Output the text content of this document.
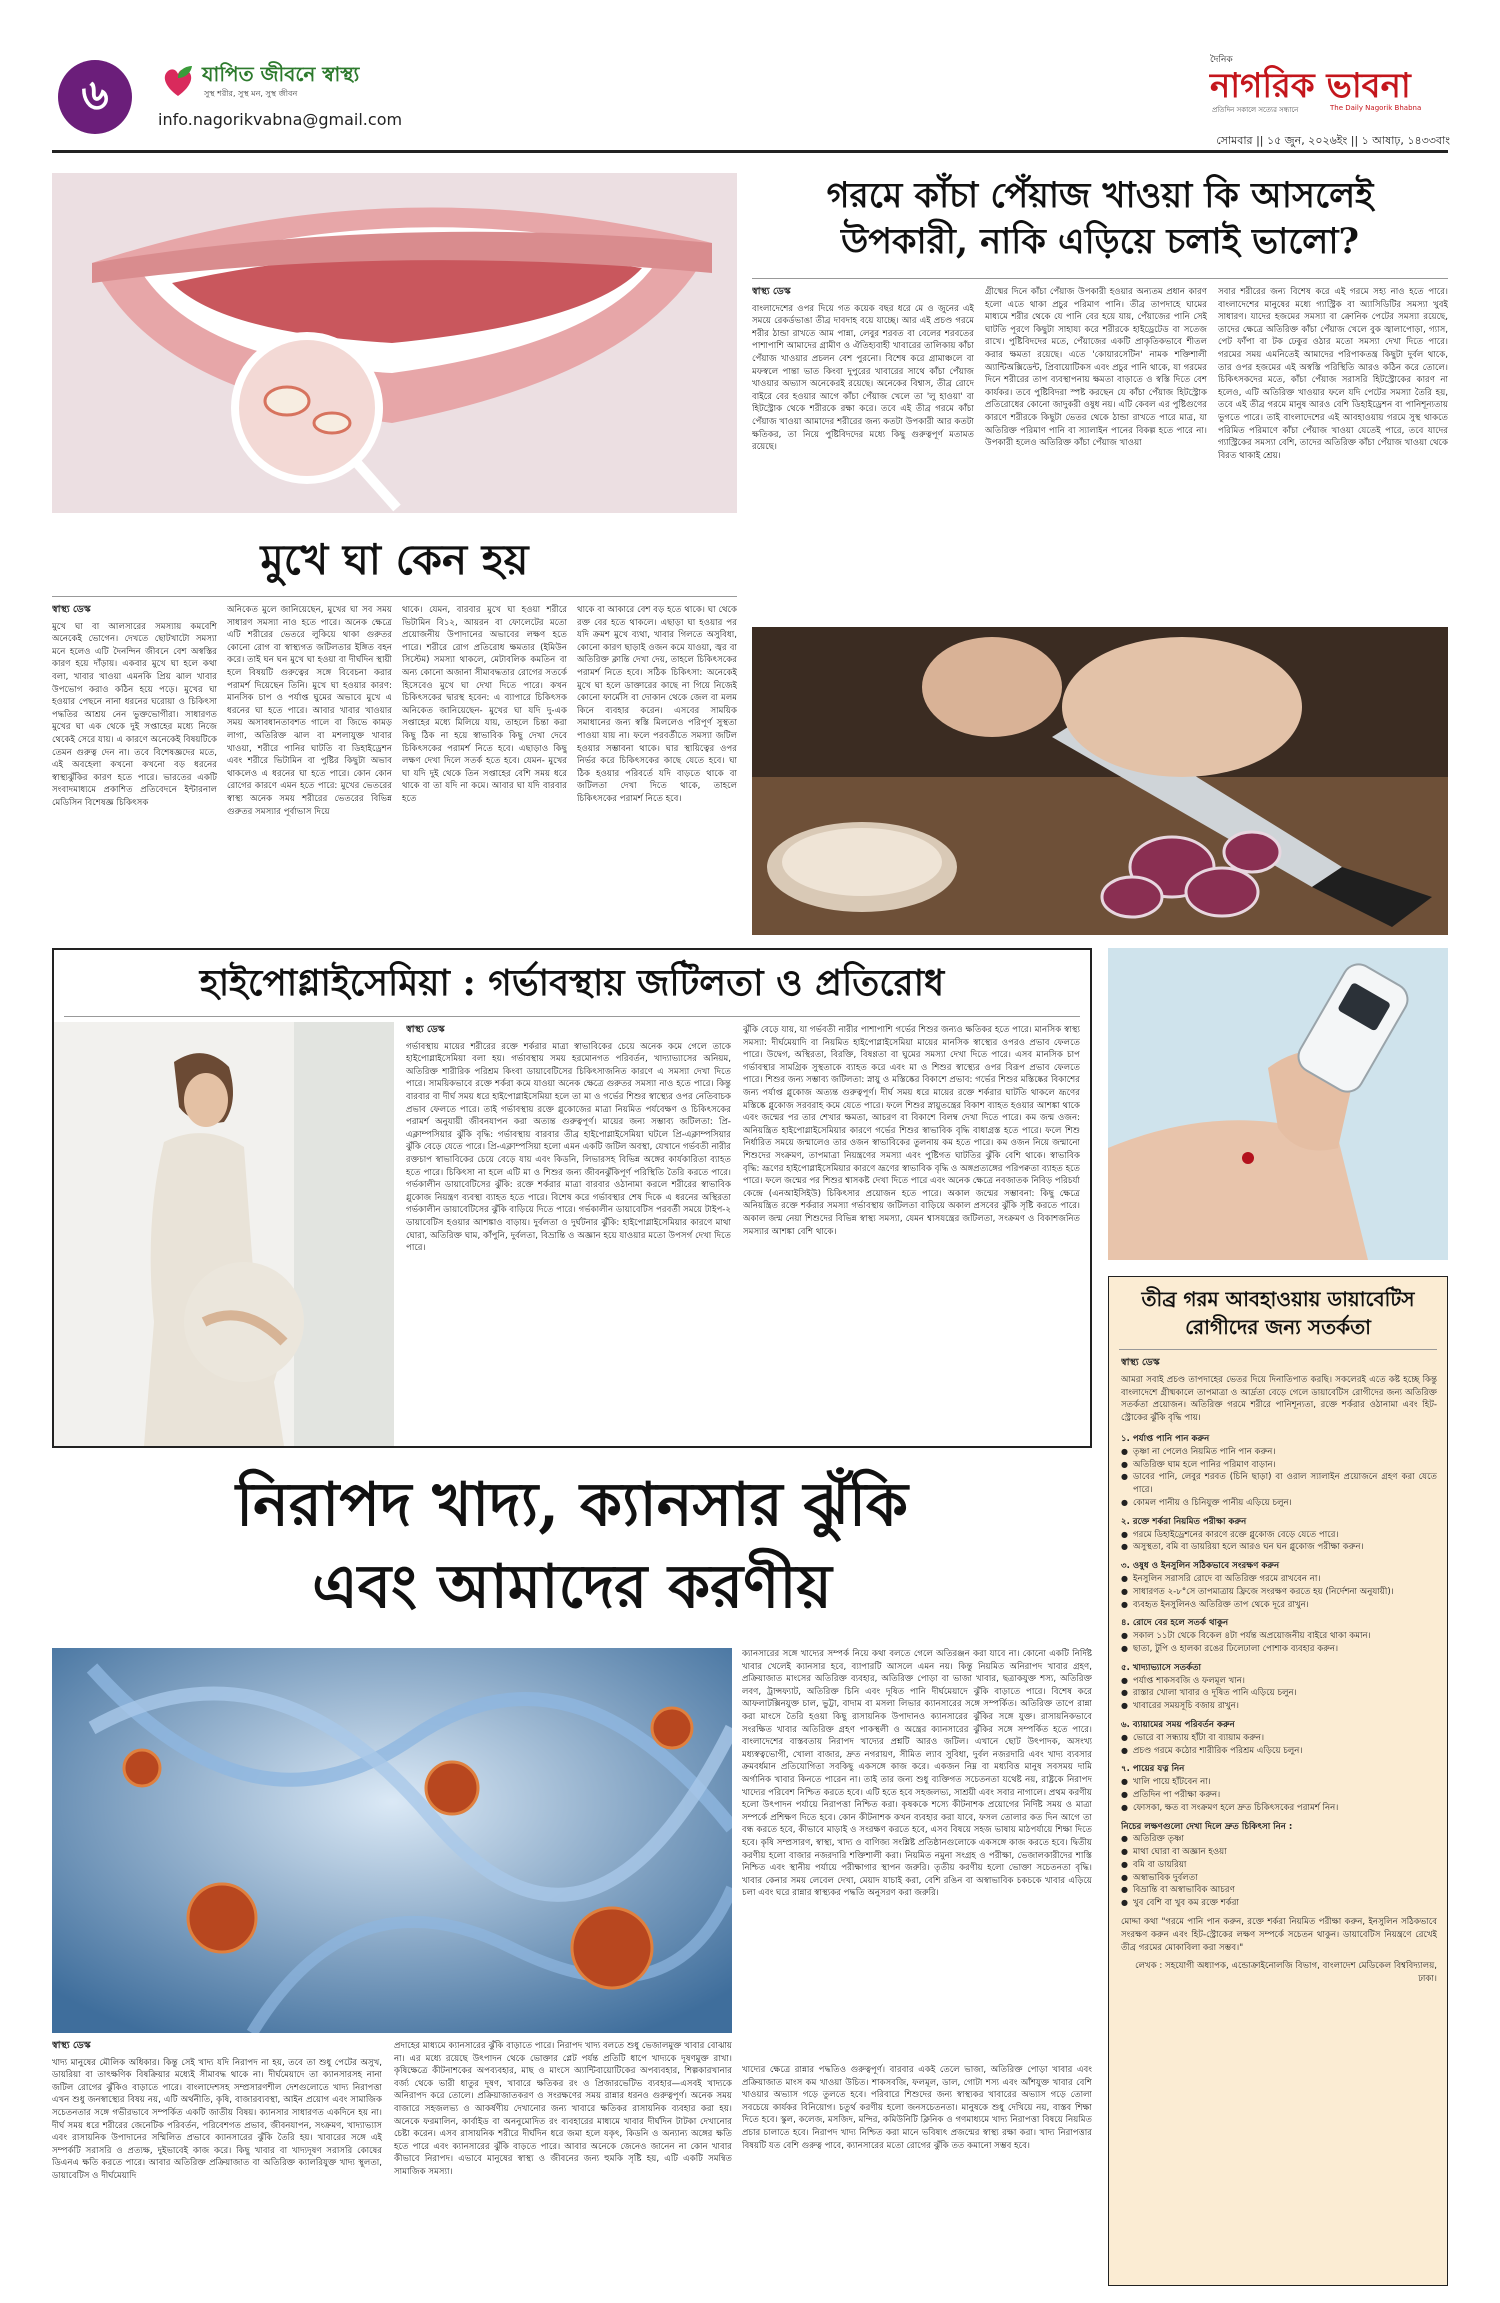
৬	যাপিত জীবনে স্বাস্থ্য
সুস্থ শরীর, সুস্থ মন, সুস্থ জীবন
info.nagorikvabna@gmail.com
দৈনিক
নাগরিক ভাবনা
প্রতিদিন সকালে সত্যের সন্ধানে	The Daily Nagorik Bhabna
সোমবার || ১৫ জুন, ২০২৬ইং || ১ আষাঢ়, ১৪৩৩বাং
গরমে কাঁচা পেঁয়াজ খাওয়া কি আসলেই
উপকারী, নাকি এড়িয়ে চলাই ভালো?
স্বাস্থ্য ডেস্ক

বাংলাদেশের ওপর দিয়ে গত কয়েক বছর ধরে মে ও জুনের এই সময়ে রেকর্ডভাঙা তীব্র দাবদাহ বয়ে যাচ্ছে। আর এই প্রচণ্ড গরমে শরীর ঠান্ডা রাখতে আম পান্না, লেবুর শরবত বা বেলের শরবতের পাশাপাশি আমাদের গ্রামীণ ও ঐতিহ্যবাহী খাবারের তালিকায় কাঁচা পেঁয়াজ খাওয়ার প্রচলন বেশ পুরনো। বিশেষ করে গ্রামাঞ্চলে বা মফস্বলে পান্তা ভাত কিংবা দুপুরের খাবারের সাথে কাঁচা পেঁয়াজ খাওয়ার অভ্যাস অনেকেরই রয়েছে। অনেকের বিশ্বাস, তীব্র রোদে বাইরে বের হওয়ার আগে কাঁচা পেঁয়াজ খেলে তা 'লু হাওয়া' বা হিটস্ট্রোক থেকে শরীরকে রক্ষা করে। তবে এই তীব্র গরমে কাঁচা পেঁয়াজ খাওয়া আমাদের শরীরের জন্য কতটা উপকারী আর কতটা ক্ষতিকর, তা নিয়ে পুষ্টিবিদদের মধ্যে কিছু গুরুত্বপূর্ণ মতামত রয়েছে।

গ্রীষ্মের দিনে কাঁচা পেঁয়াজ উপকারী হওয়ার অন্যতম প্রধান কারণ হলো এতে থাকা প্রচুর পরিমাণ পানি। তীব্র তাপদাহে ঘামের মাধ্যমে শরীর থেকে যে পানি বের হয়ে যায়, পেঁয়াজের পানি সেই ঘাটতি পূরণে কিছুটা সাহায্য করে শরীরকে হাইড্রেটেড বা সতেজ রাখে। পুষ্টিবিদদের মতে, পেঁয়াজের একটি প্রাকৃতিকভাবে শীতল করার ক্ষমতা রয়েছে। এতে 'কোয়ারসেটিন' নামক শক্তিশালী অ্যান্টিঅক্সিডেন্ট, প্রিবায়োটিকস এবং প্রচুর পানি থাকে, যা গরমের দিনে শরীরের তাপ ব্যবস্থাপনায় ক্ষমতা বাড়াতে ও স্বস্তি দিতে বেশ কার্যকর। তবে পুষ্টিবিদরা স্পষ্ট করছেন যে কাঁচা পেঁয়াজ হিটস্ট্রোক প্রতিরোধের কোনো জাদুকরী ওষুধ নয়। এটি কেবল এর পুষ্টিগুণের কারণে শরীরকে কিছুটা ভেতর থেকে ঠান্ডা রাখতে পারে মাত্র, যা অতিরিক্ত পরিমাণ পানি বা স্যালাইন পানের বিকল্প হতে পারে না। উপকারী হলেও অতিরিক্ত কাঁচা পেঁয়াজ খাওয়া

সবার শরীরের জন্য বিশেষ করে এই গরমে সহ্য নাও হতে পারে। বাংলাদেশের মানুষের মধ্যে গ্যাস্ট্রিক বা অ্যাসিডিটির সমস্যা খুবই সাধারণ। যাদের হজমের সমস্যা বা ক্রোনিক পেটের সমস্যা রয়েছে, তাদের ক্ষেত্রে অতিরিক্ত কাঁচা পেঁয়াজ খেলে বুক জ্বালাপোড়া, গ্যাস, পেট ফাঁপা বা টক ঢেকুর ওঠার মতো সমস্যা দেখা দিতে পারে। গরমের সময় এমনিতেই আমাদের পরিপাকতন্ত্র কিছুটা দুর্বল থাকে, তার ওপর হজমের এই অস্বস্তি পরিস্থিতি আরও কঠিন করে তোলে। চিকিৎসকদের মতে, কাঁচা পেঁয়াজ সরাসরি হিটস্ট্রোকের কারণ না হলেও, এটি অতিরিক্ত খাওয়ার ফলে যদি পেটের সমস্যা তৈরি হয়, তবে এই তীব্র গরমে মানুষ আরও বেশি ডিহাইড্রেশন বা পানিশূন্যতায় ভুগতে পারে। তাই বাংলাদেশের এই আবহাওয়ায় গরমে সুস্থ থাকতে পরিমিত পরিমাণে কাঁচা পেঁয়াজ খাওয়া যেতেই পারে, তবে যাদের গ্যাস্ট্রিকের সমস্যা বেশি, তাদের অতিরিক্ত কাঁচা পেঁয়াজ খাওয়া থেকে বিরত থাকাই শ্রেয়।

মুখে ঘা কেন হয়
স্বাস্থ্য ডেস্ক

মুখে ঘা বা আলসারের সমস্যায় কমবেশি অনেকেই ভোগেন। দেখতে ছোটখাটো সমস্যা মনে হলেও এটি দৈনন্দিন জীবনে বেশ অস্বস্তির কারণ হয়ে দাঁড়ায়। একবার মুখে ঘা হলে কথা বলা, খাবার খাওয়া এমনকি প্রিয় ঝাল খাবার উপভোগ করাও কঠিন হয়ে পড়ে। মুখের ঘা হওয়ার পেছনে নানা ধরনের ঘরোয়া ও চিকিৎসা পদ্ধতির আশ্রয় নেন ভুক্তভোগীরা। সাধারণত মুখের ঘা এক থেকে দুই সপ্তাহের মধ্যে নিজে থেকেই সেরে যায়। এ কারণে অনেকেই বিষয়টিকে তেমন গুরুত্ব দেন না। তবে বিশেষজ্ঞদের মতে, এই অবহেলা কখনো কখনো বড় ধরনের স্বাস্থ্যঝুঁকির কারণ হতে পারে। ভারতের একটি সংবাদমাধ্যমে প্রকাশিত প্রতিবেদনে ইন্টারনাল মেডিসিন বিশেষজ্ঞ চিকিৎসক

অনিকেত মুলে জানিয়েছেন, মুখের ঘা সব সময় সাধারণ সমস্যা নাও হতে পারে। অনেক ক্ষেত্রে এটি শরীরের ভেতরে লুকিয়ে থাকা গুরুতর কোনো রোগ বা স্বাস্থ্যগত জটিলতার ইঙ্গিত বহন করে। তাই ঘন ঘন মুখে ঘা হওয়া বা দীর্ঘদিন স্থায়ী হলে বিষয়টি গুরুত্বের সঙ্গে বিবেচনা করার পরামর্শ দিয়েছেন তিনি। মুখে ঘা হওয়ার কারণ: মানসিক চাপ ও পর্যাপ্ত ঘুমের অভাবে মুখে এ ধরনের ঘা হতে পারে। আবার খাবার খাওয়ার সময় অসাবধানতাবশত গালে বা জিভে কামড় লাগা, অতিরিক্ত ঝাল বা মশলাযুক্ত খাবার খাওয়া, শরীরে পানির ঘাটতি বা ডিহাইড্রেশন এবং শরীরে ভিটামিন বা পুষ্টির কিছুটা অভাব থাকলেও এ ধরনের ঘা হতে পারে। কোন কোন রোগের কারণে এমন হতে পারে: মুখের ভেতরের স্বাস্থ্য অনেক সময় শরীরের ভেতরের বিভিন্ন গুরুতর সমস্যার পূর্বাভাস দিয়ে

থাকে। যেমন, বারবার মুখে ঘা হওয়া শরীরে ভিটামিন বি১২, আয়রন বা ফোলেটের মতো প্রয়োজনীয় উপাদানের অভাবের লক্ষণ হতে পারে। শরীরে রোগ প্রতিরোধ ক্ষমতার (ইমিউন সিস্টেম) সমস্যা থাকলে, মেটাবলিক কমতিন বা অন্য কোনো অজানা সীমাবদ্ধতার রোগের সতর্কে হিসেবেও মুখে ঘা দেখা দিতে পারে। কখন চিকিৎসকের দ্বারস্থ হবেন: এ ব্যাপারে চিকিৎসক অনিকেত জানিয়েছেন- মুখের ঘা যদি দু-এক সপ্তাহের মধ্যে মিলিয়ে যায়, তাহলে চিন্তা করা কিছু ঠিক না হয়ে স্বাভাবিক কিছু দেখা দেবে চিকিৎসকের পরামর্শ নিতে হবে। এছাড়াও কিছু লক্ষণ দেখা দিলে সতর্ক হতে হবে। যেমন- মুখের ঘা যদি দুই থেকে তিন সপ্তাহের বেশি সময় ধরে থাকে বা তা যদি না কমে। আবার ঘা যদি বারবার হতে

থাকে বা আকারে বেশ বড় হতে থাকে। ঘা থেকে রক্ত বের হতে থাকলে। এছাড়া ঘা হওয়ার পর যদি ক্রমশ মুখে ব্যথা, খাবার গিলতে অসুবিধা, কোনো কারণ ছাড়াই ওজন কমে যাওয়া, জ্বর বা অতিরিক্ত ক্লান্তি দেখা দেয়, তাহলে চিকিৎসকের পরামর্শ নিতে হবে। সঠিক চিকিৎসা: অনেকেই মুখে ঘা হলে ডাক্তারের কাছে না গিয়ে নিজেই কোনো ফার্মেসি বা দোকান থেকে জেল বা মলম কিনে ব্যবহার করেন। এসবের সাময়িক সমাধানের জন্য স্বস্তি মিললেও পরিপূর্ণ সুস্থতা পাওয়া যায় না। ফলে পরবর্তীতে সমস্যা জটিল হওয়ার সম্ভাবনা থাকে। ঘার স্থায়িত্বের ওপর নির্ভর করে চিকিৎসকের কাছে যেতে হবে। ঘা ঠিক হওয়ার পরিবর্তে যদি বাড়তে থাকে বা জটিলতা দেখা দিতে থাকে, তাহলে চিকিৎসকের পরামর্শ নিতে হবে।

হাইপোগ্লাইসেমিয়া : গর্ভাবস্থায় জটিলতা ও প্রতিরোধ
স্বাস্থ্য ডেস্ক

গর্ভাবস্থায় মায়ের শরীরের রক্তে শর্করার মাত্রা স্বাভাবিকের চেয়ে অনেক কমে গেলে তাকে হাইপোগ্লাইসেমিয়া বলা হয়। গর্ভাবস্থায় সময় হরমোনগত পরিবর্তন, খাদ্যাভ্যাসের অনিয়ম, অতিরিক্ত শারীরিক পরিশ্রম কিংবা ডায়াবেটিসের চিকিৎসাজনিত কারণে এ সমস্যা দেখা দিতে পারে। সাময়িকভাবে রক্তে শর্করা কমে যাওয়া অনেক ক্ষেত্রে গুরুতর সমস্যা নাও হতে পারে। কিন্তু বারবার বা দীর্ঘ সময় ধরে হাইপোগ্লাইসেমিয়া হলে তা মা ও গর্ভের শিশুর স্বাস্থ্যের ওপর নেতিবাচক প্রভাব ফেলতে পারে। তাই গর্ভাবস্থায় রক্তে গ্লুকোজের মাত্রা নিয়মিত পর্যবেক্ষণ ও চিকিৎসকের পরামর্শ অনুযায়ী জীবনযাপন করা অত্যন্ত গুরুত্বপূর্ণ। মায়ের জন্য সম্ভাব্য জটিলতা: প্রি-এক্লাম্পসিয়ার ঝুঁকি বৃদ্ধি: গর্ভাবস্থায় বারবার তীব্র হাইপোগ্লাইসেমিয়া ঘটলে প্রি-এক্লাম্পসিয়ার ঝুঁকি বেড়ে যেতে পারে। প্রি-এক্লাম্পসিয়া হলো এমন একটি জটিল অবস্থা, যেখানে গর্ভবতী নারীর রক্তচাপ স্বাভাবিকের চেয়ে বেড়ে যায় এবং কিডনি, লিভারসহ বিভিন্ন অঙ্গের কার্যকারিতা ব্যাহত হতে পারে। চিকিৎসা না হলে এটি মা ও শিশুর জন্য জীবনঝুঁকিপূর্ণ পরিস্থিতি তৈরি করতে পারে। গর্ভকালীন ডায়াবেটিসের ঝুঁকি: রক্তে শর্করার মাত্রা বারবার ওঠানামা করলে শরীরের স্বাভাবিক গ্লুকোজ নিয়ন্ত্রণ ব্যবস্থা ব্যাহত হতে পারে। বিশেষ করে গর্ভাবস্থার শেষ দিকে এ ধরনের অস্থিরতা গর্ভকালীন ডায়াবেটিসের ঝুঁকি বাড়িয়ে দিতে পারে। গর্ভকালীন ডায়াবেটিস পরবর্তী সময়ে টাইপ-২ ডায়াবেটিস হওয়ার আশঙ্কাও বাড়ায়। দুর্বলতা ও দুর্ঘটনার ঝুঁকি: হাইপোগ্লাইসেমিয়ার কারণে মাথা ঘোরা, অতিরিক্ত ঘাম, কাঁপুনি, দুর্বলতা, বিভ্রান্তি ও অজ্ঞান হয়ে যাওয়ার মতো উপসর্গ দেখা দিতে পারে।

ঝুঁকি বেড়ে যায়, যা গর্ভবতী নারীর পাশাপাশি গর্ভের শিশুর জন্যও ক্ষতিকর হতে পারে। মানসিক স্বাস্থ্য সমস্যা: দীর্ঘমেয়াদি বা নিয়মিত হাইপোগ্লাইসেমিয়া মায়ের মানসিক স্বাস্থ্যের ওপরও প্রভাব ফেলতে পারে। উদ্বেগ, অস্থিরতা, বিরক্তি, বিষণ্ণতা বা ঘুমের সমস্যা দেখা দিতে পারে। এসব মানসিক চাপ গর্ভাবস্থার সামগ্রিক সুস্থতাকে ব্যাহত করে এবং মা ও শিশুর স্বাস্থ্যের ওপর বিরূপ প্রভাব ফেলতে পারে। শিশুর জন্য সম্ভাব্য জটিলতা: স্নায়ু ও মস্তিষ্কের বিকাশে প্রভাব: গর্ভের শিশুর মস্তিষ্কের বিকাশের জন্য পর্যাপ্ত গ্লুকোজ অত্যন্ত গুরুত্বপূর্ণ। দীর্ঘ সময় ধরে মায়ের রক্তে শর্করার ঘাটতি থাকলে ভ্রূণের মস্তিষ্কে গ্লুকোজ সরবরাহ কমে যেতে পারে। ফলে শিশুর স্নায়ুতন্ত্রের বিকাশ ব্যাহত হওয়ার আশঙ্কা থাকে এবং জন্মের পর তার শেখার ক্ষমতা, আচরণ বা বিকাশে বিলম্ব দেখা দিতে পারে। কম জন্ম ওজন: অনিয়ন্ত্রিত হাইপোগ্লাইসেমিয়ার কারণে গর্ভের শিশুর স্বাভাবিক বৃদ্ধি বাধাগ্রস্ত হতে পারে। ফলে শিশু নির্ধারিত সময়ে জন্মালেও তার ওজন স্বাভাবিকের তুলনায় কম হতে পারে। কম ওজন নিয়ে জন্মানো শিশুদের সংক্রমণ, তাপমাত্রা নিয়ন্ত্রণের সমস্যা এবং পুষ্টিগত ঘাটতির ঝুঁকি বেশি থাকে। স্বাভাবিক বৃদ্ধি: ভ্রূণের হাইপোগ্লাইসেমিয়ার কারণে ভ্রূণের স্বাভাবিক বৃদ্ধি ও অঙ্গপ্রত্যঙ্গের পরিপক্বতা ব্যাহত হতে পারে। ফলে জন্মের পর শিশুর শ্বাসকষ্ট দেখা দিতে পারে এবং অনেক ক্ষেত্রে নবজাতক নিবিড় পরিচর্যা কেন্দ্রে (এনআইসিইউ) চিকিৎসার প্রয়োজন হতে পারে। অকাল জন্মের সম্ভাবনা: কিছু ক্ষেত্রে অনিয়ন্ত্রিত রক্তে শর্করার সমস্যা গর্ভাবস্থায় জটিলতা বাড়িয়ে অকাল প্রসবের ঝুঁকি সৃষ্টি করতে পারে। অকাল জন্ম নেয়া শিশুদের বিভিন্ন স্বাস্থ্য সমস্যা, যেমন শ্বাসযন্ত্রের জটিলতা, সংক্রমণ ও বিকাশজনিত সমস্যার আশঙ্কা বেশি থাকে।

তীব্র গরম আবহাওয়ায় ডায়াবেটিস
রোগীদের জন্য সতর্কতা
স্বাস্থ্য ডেস্ক

আমরা সবাই প্রচণ্ড তাপদাহের ভেতর দিয়ে দিনাতিপাত করছি। সকলেরই এতে কষ্ট হচ্ছে কিন্তু বাংলাদেশে গ্রীষ্মকালে তাপমাত্রা ও আর্দ্রতা বেড়ে গেলে ডায়াবেটিস রোগীদের জন্য অতিরিক্ত সতর্কতা প্রয়োজন। অতিরিক্ত গরমে শরীরে পানিশূন্যতা, রক্তে শর্করার ওঠানামা এবং হিট-স্ট্রোকের ঝুঁকি বৃদ্ধি পায়।

১. পর্যাপ্ত পানি পান করুন
● তৃষ্ণা না পেলেও নিয়মিত পানি পান করুন।
● অতিরিক্ত ঘাম হলে পানির পরিমাণ বাড়ান।
● ডাবের পানি, লেবুর শরবত (চিনি ছাড়া) বা ওরাল স্যালাইন প্রয়োজনে গ্রহণ করা যেতে পারে।
● কোমল পানীয় ও চিনিযুক্ত পানীয় এড়িয়ে চলুন।
২. রক্তে শর্করা নিয়মিত পরীক্ষা করুন
● গরমে ডিহাইড্রেশনের কারণে রক্তে গ্লুকোজ বেড়ে যেতে পারে।
● অসুস্থতা, বমি বা ডায়রিয়া হলে আরও ঘন ঘন গ্লুকোজ পরীক্ষা করুন।
৩. ওষুধ ও ইনসুলিন সঠিকভাবে সংরক্ষণ করুন
● ইনসুলিন সরাসরি রোদে বা অতিরিক্ত গরমে রাখবেন না।
● সাধারণত ২-৮°সে তাপমাত্রায় ফ্রিজে সংরক্ষণ করতে হয় (নির্দেশনা অনুযায়ী)।
● ব্যবহৃত ইনসুলিনও অতিরিক্ত তাপ থেকে দূরে রাখুন।
৪. রোদে বের হলে সতর্ক থাকুন
● সকাল ১১টা থেকে বিকেল ৪টা পর্যন্ত অপ্রয়োজনীয় বাইরে থাকা কমান।
● ছাতা, টুপি ও হালকা রঙের ঢিলেঢালা পোশাক ব্যবহার করুন।
৫. খাদ্যাভ্যাসে সতর্কতা
● পর্যাপ্ত শাকসবজি ও ফলমূল খান।
● রাস্তার খোলা খাবার ও দূষিত পানি এড়িয়ে চলুন।
● খাবারের সময়সূচি বজায় রাখুন।
৬. ব্যায়ামের সময় পরিবর্তন করুন
● ভোরে বা সন্ধ্যায় হাঁটা বা ব্যায়াম করুন।
● প্রচণ্ড গরমে কঠোর শারীরিক পরিশ্রম এড়িয়ে চলুন।
৭. পায়ের যত্ন নিন
● খালি পায়ে হাঁটবেন না।
● প্রতিদিন পা পরীক্ষা করুন।
● ফোসকা, ক্ষত বা সংক্রমণ হলে দ্রুত চিকিৎসকের পরামর্শ নিন।
নিচের লক্ষণগুলো দেখা দিলে দ্রুত চিকিৎসা নিন :
● অতিরিক্ত তৃষ্ণা
● মাথা ঘোরা বা অজ্ঞান হওয়া
● বমি বা ডায়রিয়া
● অস্বাভাবিক দুর্বলতা
● বিভ্রান্তি বা অস্বাভাবিক আচরণ
● খুব বেশি বা খুব কম রক্তে শর্করা

মোদ্দা কথা "গরমে পানি পান করুন, রক্তে শর্করা নিয়মিত পরীক্ষা করুন, ইনসুলিন সঠিকভাবে সংরক্ষণ করুন এবং হিট-স্ট্রোকের লক্ষণ সম্পর্কে সচেতন থাকুন। ডায়াবেটিস নিয়ন্ত্রণে রেখেই তীব্র গরমের মোকাবিলা করা সম্ভব।"

লেখক : সহযোগী অধ্যাপক, এন্ডোক্রাইনোলজি বিভাগ, বাংলাদেশ মেডিকেল বিশ্ববিদ্যালয়, ঢাকা।

নিরাপদ খাদ্য, ক্যানসার ঝুঁকি
এবং আমাদের করণীয়

ক্যানসারের সঙ্গে খাদ্যের সম্পর্ক নিয়ে কথা বলতে গেলে অতিরঞ্জন করা যাবে না। কোনো একটি নির্দিষ্ট খাবার খেলেই ক্যানসার হবে, ব্যাপারটি আসলে এমন নয়। কিন্তু নিয়মিত অনিরাপদ খাবার গ্রহণ, প্রক্রিয়াজাত মাংসের অতিরিক্ত ব্যবহার, অতিরিক্ত পোড়া বা ভাজা খাবার, ছত্রাকযুক্ত শস্য, অতিরিক্ত লবণ, ট্রান্সফ্যাট, অতিরিক্ত চিনি এবং দূষিত পানি দীর্ঘমেয়াদে ঝুঁকি বাড়াতে পারে। বিশেষ করে আফলাটক্সিনযুক্ত চাল, ভুট্টা, বাদাম বা মসলা লিভার ক্যানসারের সঙ্গে সম্পর্কিত। অতিরিক্ত তাপে রান্না করা মাংসে তৈরি হওয়া কিছু রাসায়নিক উপাদানও ক্যানসারের ঝুঁকির সঙ্গে যুক্ত। রাসায়নিকভাবে সংরক্ষিত খাবার অতিরিক্ত গ্রহণ পাকস্থলী ও অন্ত্রের ক্যানসারের ঝুঁকির সঙ্গে সম্পর্কিত হতে পারে। বাংলাদেশের বাস্তবতায় নিরাপদ খাদ্যের প্রশ্নটি আরও জটিল। এখানে ছোট উৎপাদক, অসংখ্য মধ্যস্বত্বভোগী, খোলা বাজার, দ্রুত নগরায়ণ, সীমিত ল্যাব সুবিধা, দুর্বল নজরদারি এবং খাদ্য ব্যবসার ক্রমবর্ধমান প্রতিযোগিতা সবকিছু একসঙ্গে কাজ করে। একজন নিম্ন বা মধ্যবিত্ত মানুষ সবসময় দামি অর্গানিক খাবার কিনতে পারেন না। তাই তার জন্য শুধু ব্যক্তিগত সচেতনতা যথেষ্ট নয়, রাষ্ট্রকে নিরাপদ খাদ্যের পরিবেশ নিশ্চিত করতে হবে। এটি হতে হবে সহজলভ্য, সাশ্রয়ী এবং সবার নাগালে। প্রথম করণীয় হলো উৎপাদন পর্যায়ে নিরাপত্তা নিশ্চিত করা। কৃষককে শস্যে কীটনাশক প্রয়োগের নির্দিষ্ট সময় ও মাত্রা সম্পর্কে প্রশিক্ষণ দিতে হবে। কোন কীটনাশক কখন ব্যবহার করা যাবে, ফসল তোলার কত দিন আগে তা বন্ধ করতে হবে, কীভাবে মাড়াই ও সংরক্ষণ করতে হবে, এসব বিষয়ে সহজ ভাষায় মাঠপর্যায়ে শিক্ষা দিতে হবে। কৃষি সম্প্রসারণ, স্বাস্থ্য, খাদ্য ও বাণিজ্য সংশ্লিষ্ট প্রতিষ্ঠানগুলোকে একসঙ্গে কাজ করতে হবে। দ্বিতীয় করণীয় হলো বাজার নজরদারি শক্তিশালী করা। নিয়মিত নমুনা সংগ্রহ ও পরীক্ষা, ভেজালকারীদের শাস্তি নিশ্চিত এবং স্থানীয় পর্যায়ে পরীক্ষাগার স্থাপন জরুরি। তৃতীয় করণীয় হলো ভোক্তা সচেতনতা বৃদ্ধি। খাবার কেনার সময় লেবেল দেখা, মেয়াদ যাচাই করা, বেশি রঙিন বা অস্বাভাবিক চকচকে খাবার এড়িয়ে চলা এবং ঘরে রান্নার স্বাস্থ্যকর পদ্ধতি অনুসরণ করা জরুরি।

স্বাস্থ্য ডেস্ক

খাদ্য মানুষের মৌলিক অধিকার। কিন্তু সেই খাদ্য যদি নিরাপদ না হয়, তবে তা শুধু পেটের অসুখ, ডায়রিয়া বা তাৎক্ষণিক বিষক্রিয়ার মধ্যেই সীমাবদ্ধ থাকে না। দীর্ঘমেয়াদে তা ক্যানসারসহ নানা জটিল রোগের ঝুঁকিও বাড়াতে পারে। বাংলাদেশসহ সম্প্রসারণশীল দেশগুলোতে খাদ্য নিরাপত্তা এখন শুধু জনস্বাস্থ্যের বিষয় নয়, এটি অর্থনীতি, কৃষি, বাজারব্যবস্থা, আইন প্রয়োগ এবং সামাজিক সচেতনতার সঙ্গে গভীরভাবে সম্পর্কিত একটি জাতীয় বিষয়। ক্যানসার সাধারণত একদিনে হয় না। দীর্ঘ সময় ধরে শরীরের জেনেটিক পরিবর্তন, পরিবেশগত প্রভাব, জীবনযাপন, সংক্রমণ, খাদ্যাভ্যাস এবং রাসায়নিক উপাদানের সম্মিলিত প্রভাবে ক্যানসারের ঝুঁকি তৈরি হয়। খাবারের সঙ্গে এই সম্পর্কটি সরাসরি ও প্রত্যক্ষ, দুইভাবেই কাজ করে। কিছু খাবার বা খাদ্যদূষণ সরাসরি কোষের ডিএনএ ক্ষতি করতে পারে। আবার অতিরিক্ত প্রক্রিয়াজাত বা অতিরিক্ত ক্যালরিযুক্ত খাদ্য স্থূলতা, ডায়াবেটিস ও দীর্ঘমেয়াদি

প্রদাহের মাধ্যমে ক্যানসারের ঝুঁকি বাড়াতে পারে। নিরাপদ খাদ্য বলতে শুধু ভেজালমুক্ত খাবার বোঝায় না। এর মধ্যে রয়েছে উৎপাদন থেকে ভোক্তার প্লেট পর্যন্ত প্রতিটি ধাপে খাদ্যকে দূষণমুক্ত রাখা। কৃষিক্ষেত্রে কীটনাশকের অপব্যবহার, মাছ ও মাংসে অ্যান্টিবায়োটিকের অপব্যবহার, শিল্পকারখানার বর্জ্য থেকে ভারী ধাতুর দূষণ, খাবারে ক্ষতিকর রং ও প্রিজারভেটিভ ব্যবহার—এসবই খাদ্যকে অনিরাপদ করে তোলে। প্রক্রিয়াজাতকরণ ও সংরক্ষণের সময় রান্নার ধরনও গুরুত্বপূর্ণ। অনেক সময় বাজারে সহজলভ্য ও আকর্ষণীয় দেখানোর জন্য খাবারে ক্ষতিকর রাসায়নিক ব্যবহার করা হয়। অনেকে ফরমালিন, কার্বাইড বা অননুমোদিত রং ব্যবহারের মাধ্যমে খাবার দীর্ঘদিন টাটকা দেখানোর চেষ্টা করেন। এসব রাসায়নিক শরীরে দীর্ঘদিন ধরে জমা হলে যকৃৎ, কিডনি ও অন্যান্য অঙ্গের ক্ষতি হতে পারে এবং ক্যানসারের ঝুঁকি বাড়তে পারে। আবার অনেকে জেনেও জানেন না কোন খাবার কীভাবে নিরাপদ। এভাবে মানুষের স্বাস্থ্য ও জীবনের জন্য হুমকি সৃষ্টি হয়, এটি একটি সমন্বিত সামাজিক সমস্যা।

খাদ্যের ক্ষেত্রে রান্নার পদ্ধতিও গুরুত্বপূর্ণ। বারবার একই তেলে ভাজা, অতিরিক্ত পোড়া খাবার এবং প্রক্রিয়াজাত মাংস কম খাওয়া উচিত। শাকসবজি, ফলমূল, ডাল, গোটা শস্য এবং আঁশযুক্ত খাবার বেশি খাওয়ার অভ্যাস গড়ে তুলতে হবে। পরিবারে শিশুদের জন্য স্বাস্থ্যকর খাবারের অভ্যাস গড়ে তোলা সবচেয়ে কার্যকর বিনিয়োগ। চতুর্থ করণীয় হলো জনসচেতনতা। মানুষকে শুধু দেখিয়ে নয়, বাস্তব শিক্ষা দিতে হবে। স্কুল, কলেজ, মসজিদ, মন্দির, কমিউনিটি ক্লিনিক ও গণমাধ্যমে খাদ্য নিরাপত্তা বিষয়ে নিয়মিত প্রচার চালাতে হবে। নিরাপদ খাদ্য নিশ্চিত করা মানে ভবিষ্যৎ প্রজন্মের স্বাস্থ্য রক্ষা করা। খাদ্য নিরাপত্তার বিষয়টি যত বেশি গুরুত্ব পাবে, ক্যানসারের মতো রোগের ঝুঁকি তত কমানো সম্ভব হবে।
